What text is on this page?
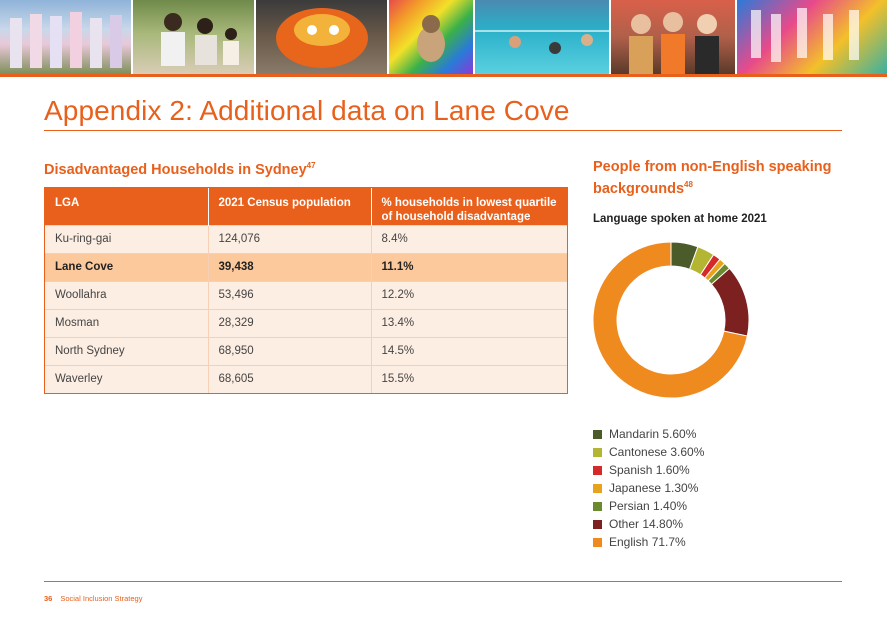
Appendix 2: Additional data on Lane Cove
Disadvantaged Households in Sydney$^{47}$
LGA	2021 Census population	% households in lowest quartile of household disadvantage
Ku-ring-gai	124,076	8.4%
Lane Cove	39,438	11.1%
Woollahra	53,496	12.2%
Mosman	28,329	13.4%
North Sydney	68,950	14.5%
Waverley	68,605	15.5%
People from non-English speaking backgrounds$^{48}$

Language spoken at home 2021

Mandarin 5.60%
Cantonese 3.60%
Spanish 1.60%
Japanese 1.30%
Persian 1.40%
Other 14.80%
English 71.7%
36 Social Inclusion Strategy
